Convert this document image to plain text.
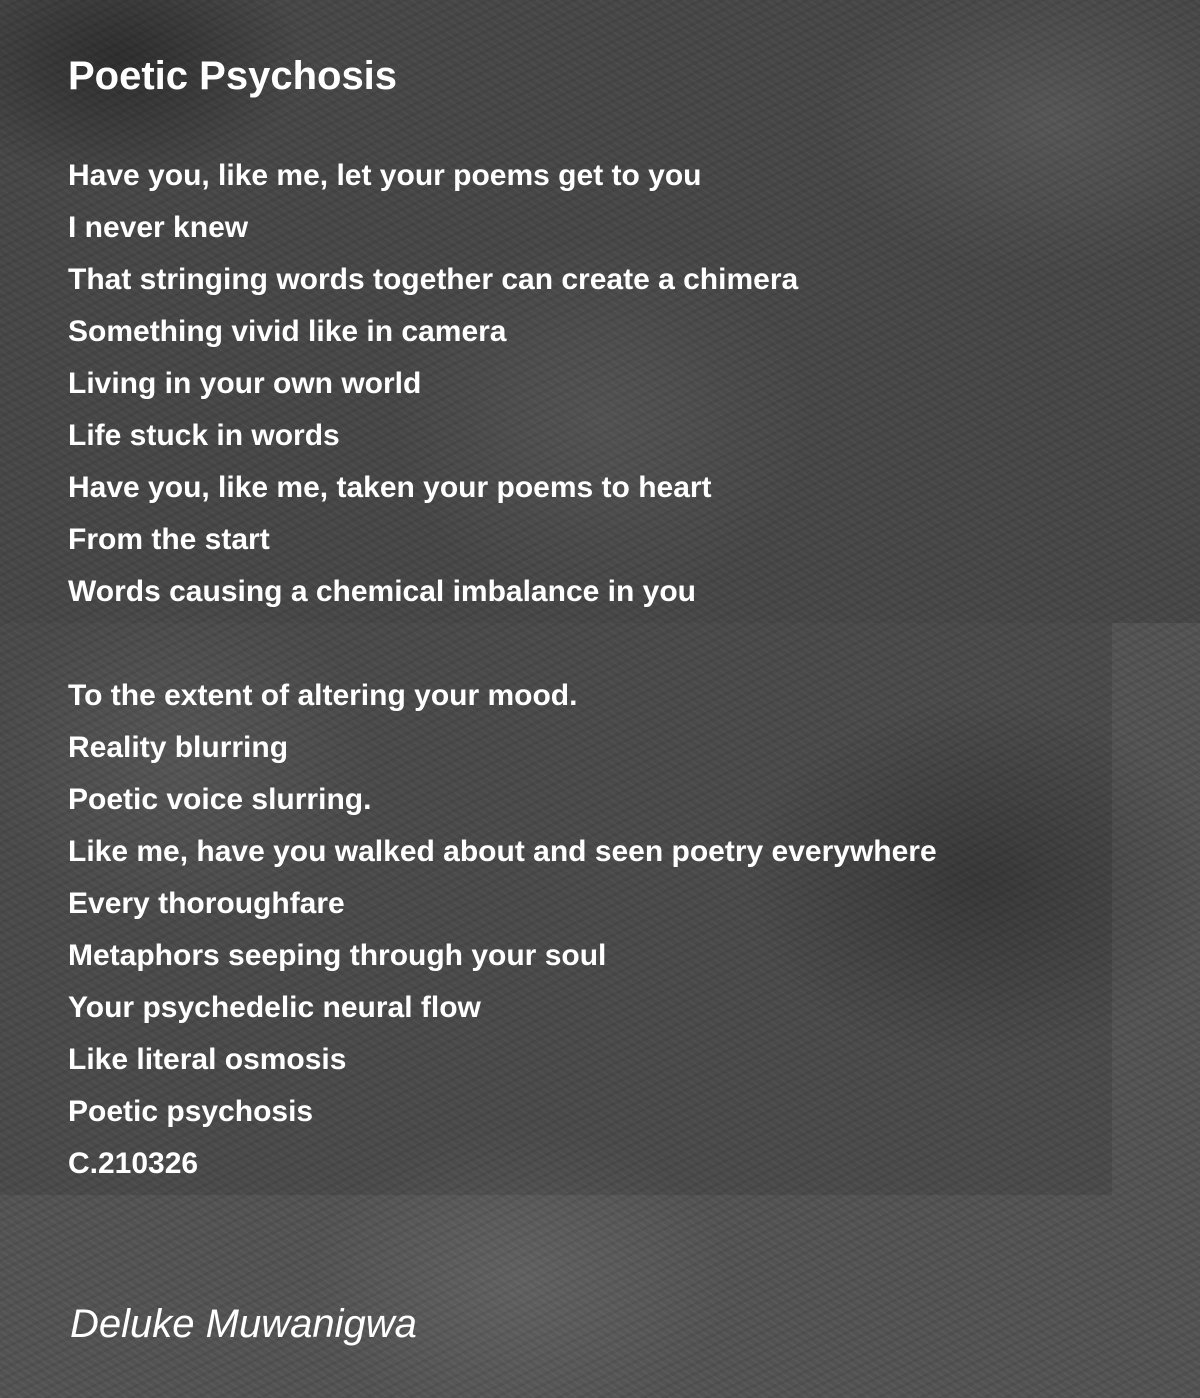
Poetic Psychosis
Have you, like me, let your poems get to you
I never knew
That stringing words together can create a chimera
Something vivid like in camera
Living in your own world
Life stuck in words
Have you, like me, taken your poems to heart
From the start
Words causing a chemical imbalance in you
To the extent of altering your mood.
Reality blurring
Poetic voice slurring.
Like me, have you walked about and seen poetry everywhere
Every thoroughfare
Metaphors seeping through your soul
Your psychedelic neural flow
Like literal osmosis
Poetic psychosis
C.210326

Deluke Muwanigwa
